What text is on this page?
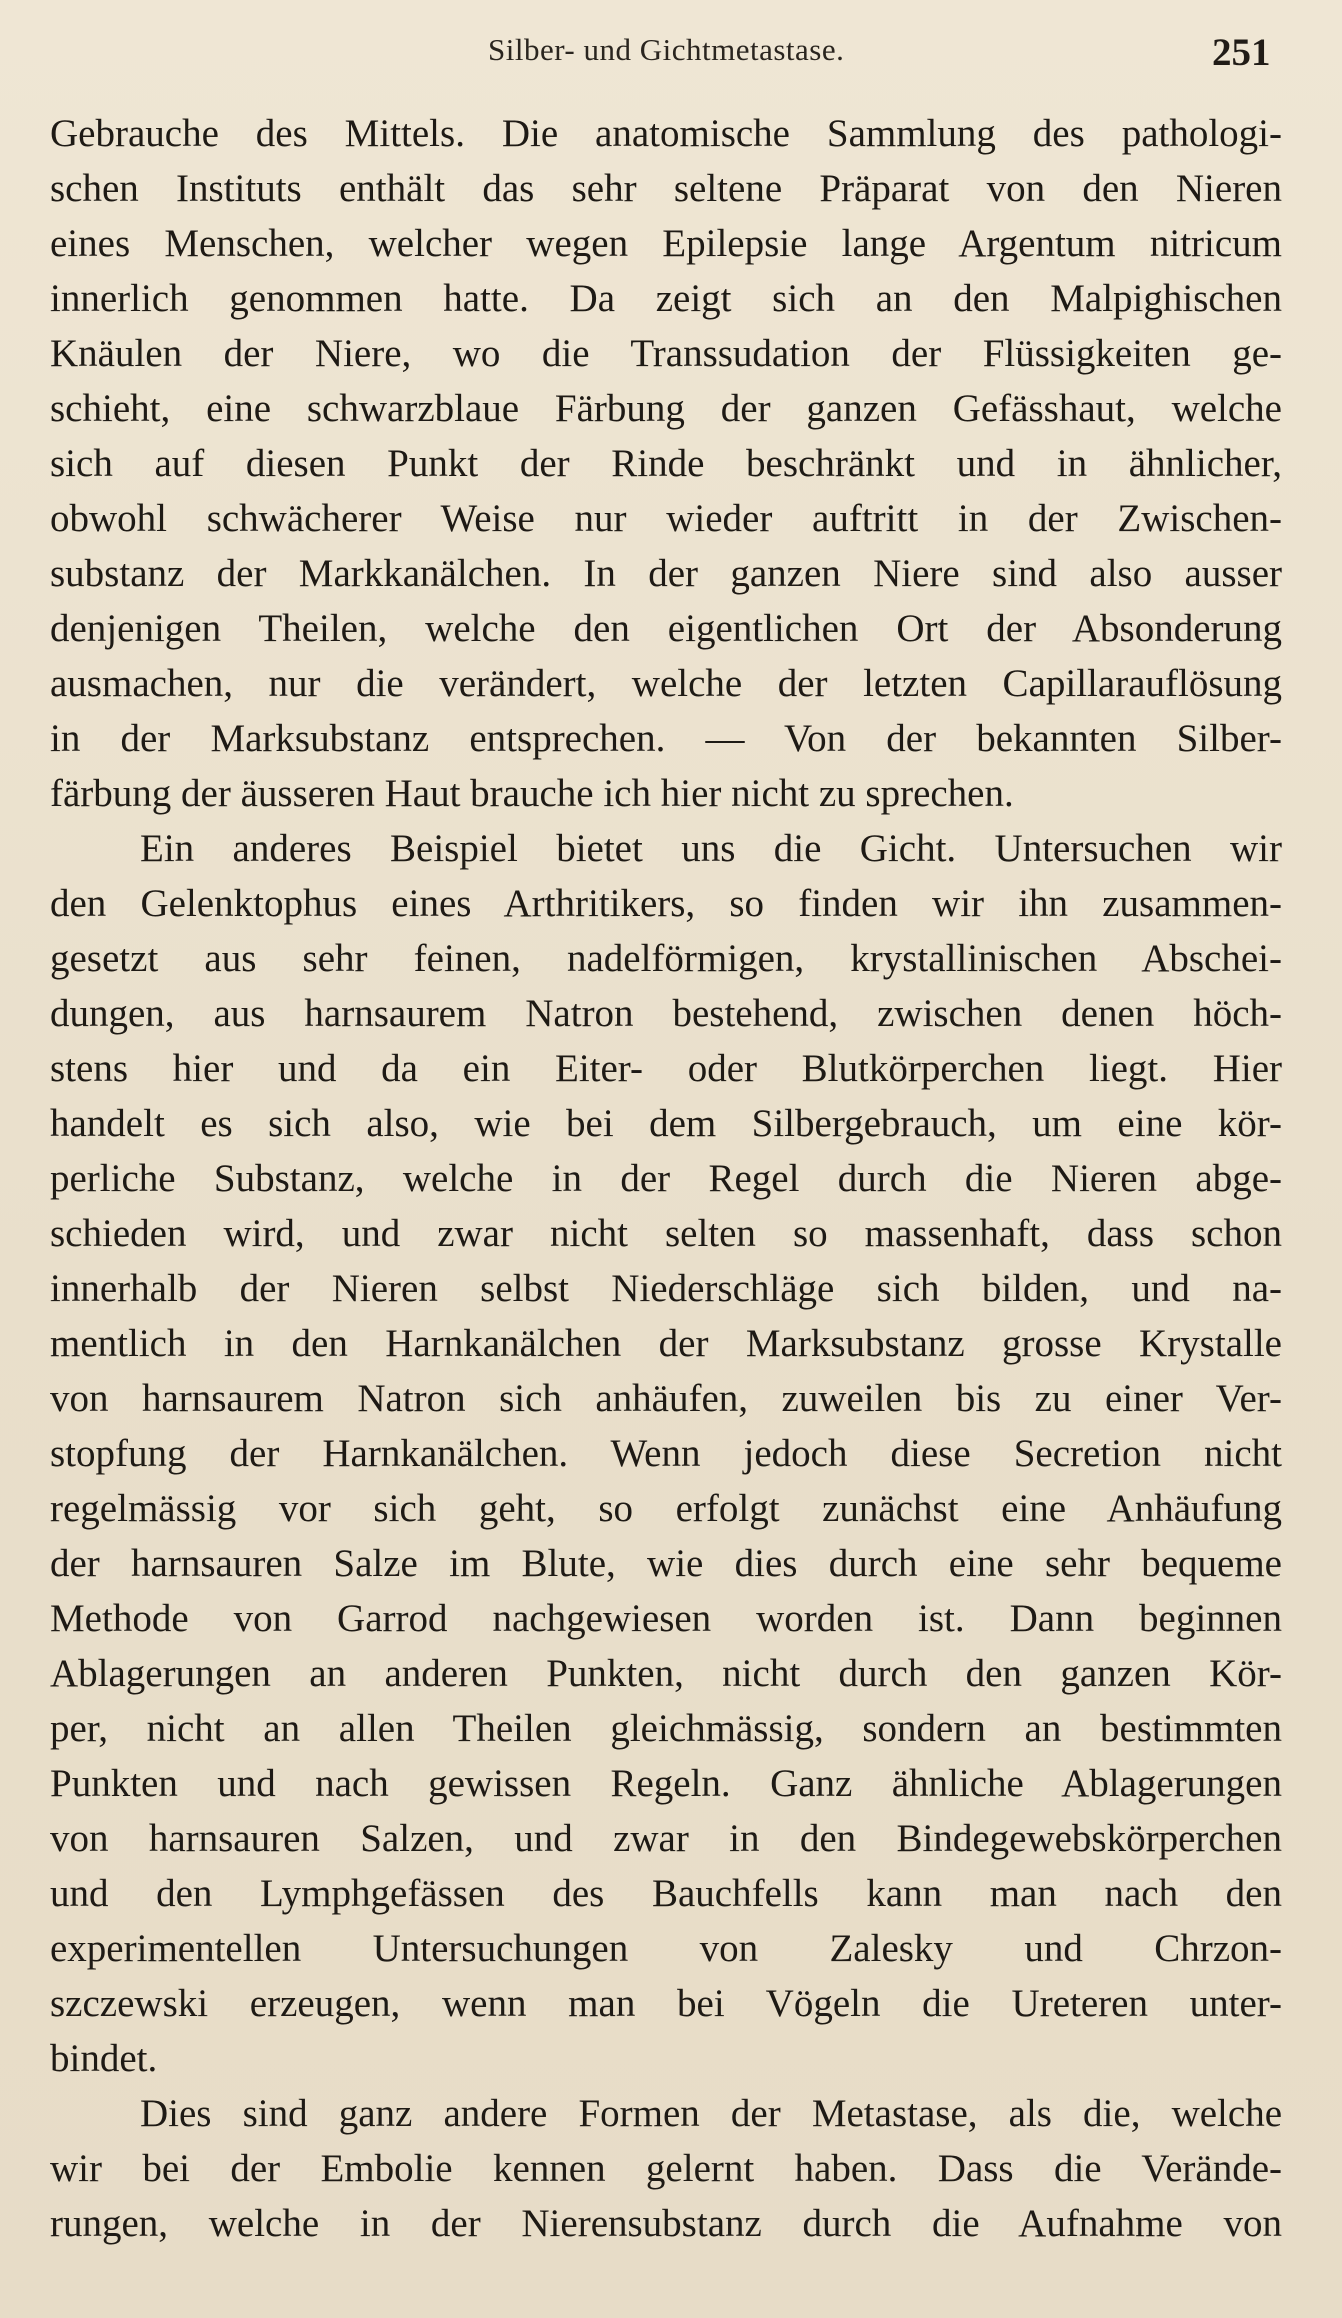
Silber- und Gichtmetastase.	251
Gebrauche des Mittels. Die anatomische Sammlung des pathologi-
schen Instituts enthält das sehr seltene Präparat von den Nieren
eines Menschen, welcher wegen Epilepsie lange Argentum nitricum
innerlich genommen hatte. Da zeigt sich an den Malpighischen
Knäulen der Niere, wo die Transsudation der Flüssigkeiten ge-
schieht, eine schwarzblaue Färbung der ganzen Gefässhaut, welche
sich auf diesen Punkt der Rinde beschränkt und in ähnlicher,
obwohl schwächerer Weise nur wieder auftritt in der Zwischen-
substanz der Markkanälchen. In der ganzen Niere sind also ausser
denjenigen Theilen, welche den eigentlichen Ort der Absonderung
ausmachen, nur die verändert, welche der letzten Capillarauflösung
in der Marksubstanz entsprechen. — Von der bekannten Silber-
färbung der äusseren Haut brauche ich hier nicht zu sprechen.
Ein anderes Beispiel bietet uns die Gicht. Untersuchen wir
den Gelenktophus eines Arthritikers, so finden wir ihn zusammen-
gesetzt aus sehr feinen, nadelförmigen, krystallinischen Abschei-
dungen, aus harnsaurem Natron bestehend, zwischen denen höch-
stens hier und da ein Eiter- oder Blutkörperchen liegt. Hier
handelt es sich also, wie bei dem Silbergebrauch, um eine kör-
perliche Substanz, welche in der Regel durch die Nieren abge-
schieden wird, und zwar nicht selten so massenhaft, dass schon
innerhalb der Nieren selbst Niederschläge sich bilden, und na-
mentlich in den Harnkanälchen der Marksubstanz grosse Krystalle
von harnsaurem Natron sich anhäufen, zuweilen bis zu einer Ver-
stopfung der Harnkanälchen. Wenn jedoch diese Secretion nicht
regelmässig vor sich geht, so erfolgt zunächst eine Anhäufung
der harnsauren Salze im Blute, wie dies durch eine sehr bequeme
Methode von Garrod nachgewiesen worden ist. Dann beginnen
Ablagerungen an anderen Punkten, nicht durch den ganzen Kör-
per, nicht an allen Theilen gleichmässig, sondern an bestimmten
Punkten und nach gewissen Regeln. Ganz ähnliche Ablagerungen
von harnsauren Salzen, und zwar in den Bindegewebskörperchen
und den Lymphgefässen des Bauchfells kann man nach den
experimentellen Untersuchungen von Zalesky und Chrzon-
szczewski erzeugen, wenn man bei Vögeln die Ureteren unter-
bindet.
Dies sind ganz andere Formen der Metastase, als die, welche
wir bei der Embolie kennen gelernt haben. Dass die Verände-
rungen, welche in der Nierensubstanz durch die Aufnahme von
